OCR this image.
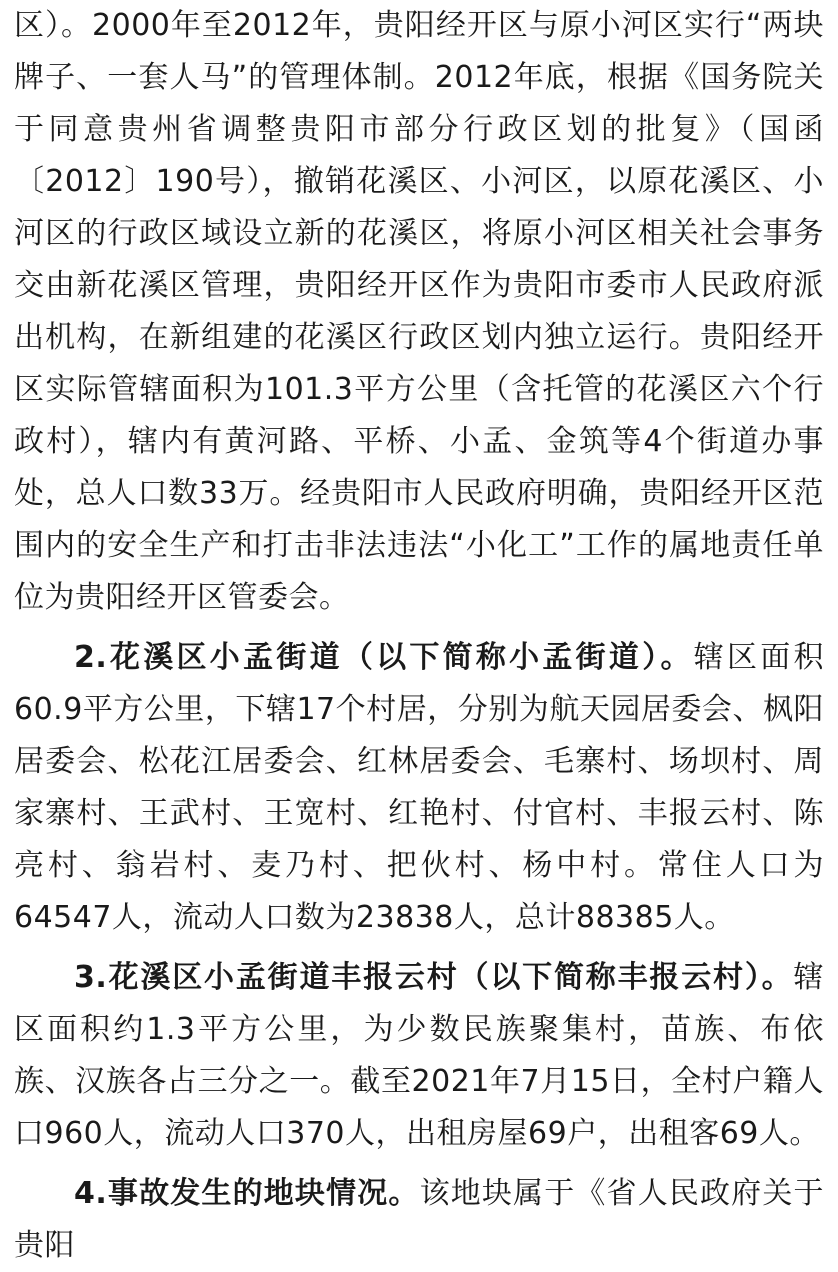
区）。2000年至2012年，贵阳经开区与原小河区实行“两块牌子、一套人马”的管理体制。2012年底，根据《国务院关于同意贵州省调整贵阳市部分行政区划的批复》（国函〔2012〕190号），撤销花溪区、小河区，以原花溪区、小河区的行政区域设立新的花溪区，将原小河区相关社会事务交由新花溪区管理，贵阳经开区作为贵阳市委市人民政府派出机构，在新组建的花溪区行政区划内独立运行。贵阳经开区实际管辖面积为101.3平方公里（含托管的花溪区六个行政村），辖内有黄河路、平桥、小孟、金筑等4个街道办事处，总人口数33万。经贵阳市人民政府明确，贵阳经开区范围内的安全生产和打击非法违法“小化工”工作的属地责任单位为贵阳经开区管委会。

2.花溪区小孟街道（以下简称小孟街道）。辖区面积60.9平方公里，下辖17个村居，分别为航天园居委会、枫阳居委会、松花江居委会、红林居委会、毛寨村、场坝村、周家寨村、王武村、王宽村、红艳村、付官村、丰报云村、陈亮村、翁岩村、麦乃村、把伙村、杨中村。常住人口为64547人，流动人口数为23838人，总计88385人。

3.花溪区小孟街道丰报云村（以下简称丰报云村）。辖区面积约1.3平方公里，为少数民族聚集村，苗族、布依族、汉族各占三分之一。截至2021年7月15日，全村户籍人口960人，流动人口370人，出租房屋69户，出租客69人。

4.事故发生的地块情况。该地块属于《省人民政府关于贵阳
